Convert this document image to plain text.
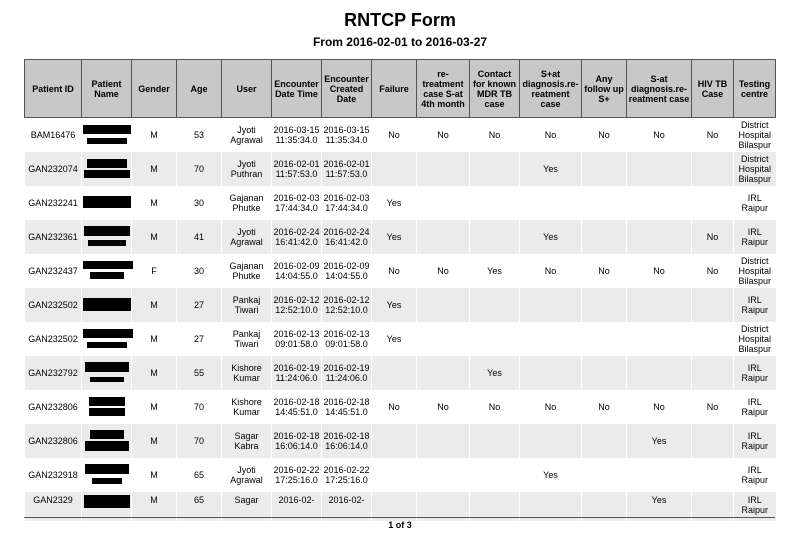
RNTCP Form
From 2016-02-01 to 2016-03-27
Patient ID	Patient Name	Gender	Age	User	Encounter Date Time	Encounter Created Date	Failure	re-treatment case S-at 4th month	Contact for known MDR TB case	S+at diagnosis.re-reatment case	Any follow up S+	S-at diagnosis.re-reatment case	HIV TB Case	Testing centre
BAM16476		M	53	Jyoti Agrawal	2016-03-15 11:35:34.0	2016-03-15 11:35:34.0	No	No	No	No	No	No	No	District Hospital Bilaspur
GAN232074		M	70	Jyoti Puthran	2016-02-01 11:57:53.0	2016-02-01 11:57:53.0				Yes				District Hospital Bilaspur
GAN232241		M	30	Gajanan Phutke	2016-02-03 17:44:34.0	2016-02-03 17:44:34.0	Yes							IRL Raipur
GAN232361		M	41	Jyoti Agrawal	2016-02-24 16:41:42.0	2016-02-24 16:41:42.0	Yes			Yes			No	IRL Raipur
GAN232437		F	30	Gajanan Phutke	2016-02-09 14:04:55.0	2016-02-09 14:04:55.0	No	No	Yes	No	No	No	No	District Hospital Bilaspur
GAN232502		M	27	Pankaj Tiwari	2016-02-12 12:52:10.0	2016-02-12 12:52:10.0	Yes							IRL Raipur
GAN232502		M	27	Pankaj Tiwari	2016-02-13 09:01:58.0	2016-02-13 09:01:58.0	Yes							District Hospital Bilaspur
GAN232792		M	55	Kishore Kumar	2016-02-19 11:24:06.0	2016-02-19 11:24:06.0			Yes					IRL Raipur
GAN232806		M	70	Kishore Kumar	2016-02-18 14:45:51.0	2016-02-18 14:45:51.0	No	No	No	No	No	No	No	IRL Raipur
GAN232806		M	70	Sagar Kabra	2016-02-18 16:06:14.0	2016-02-18 16:06:14.0						Yes		IRL Raipur
GAN232918		M	65	Jyoti Agrawal	2016-02-22 17:25:16.0	2016-02-22 17:25:16.0				Yes				IRL Raipur
GAN2329		M	65	Sagar	2016-02-	2016-02-						Yes		IRL Raipur
1 of 3
